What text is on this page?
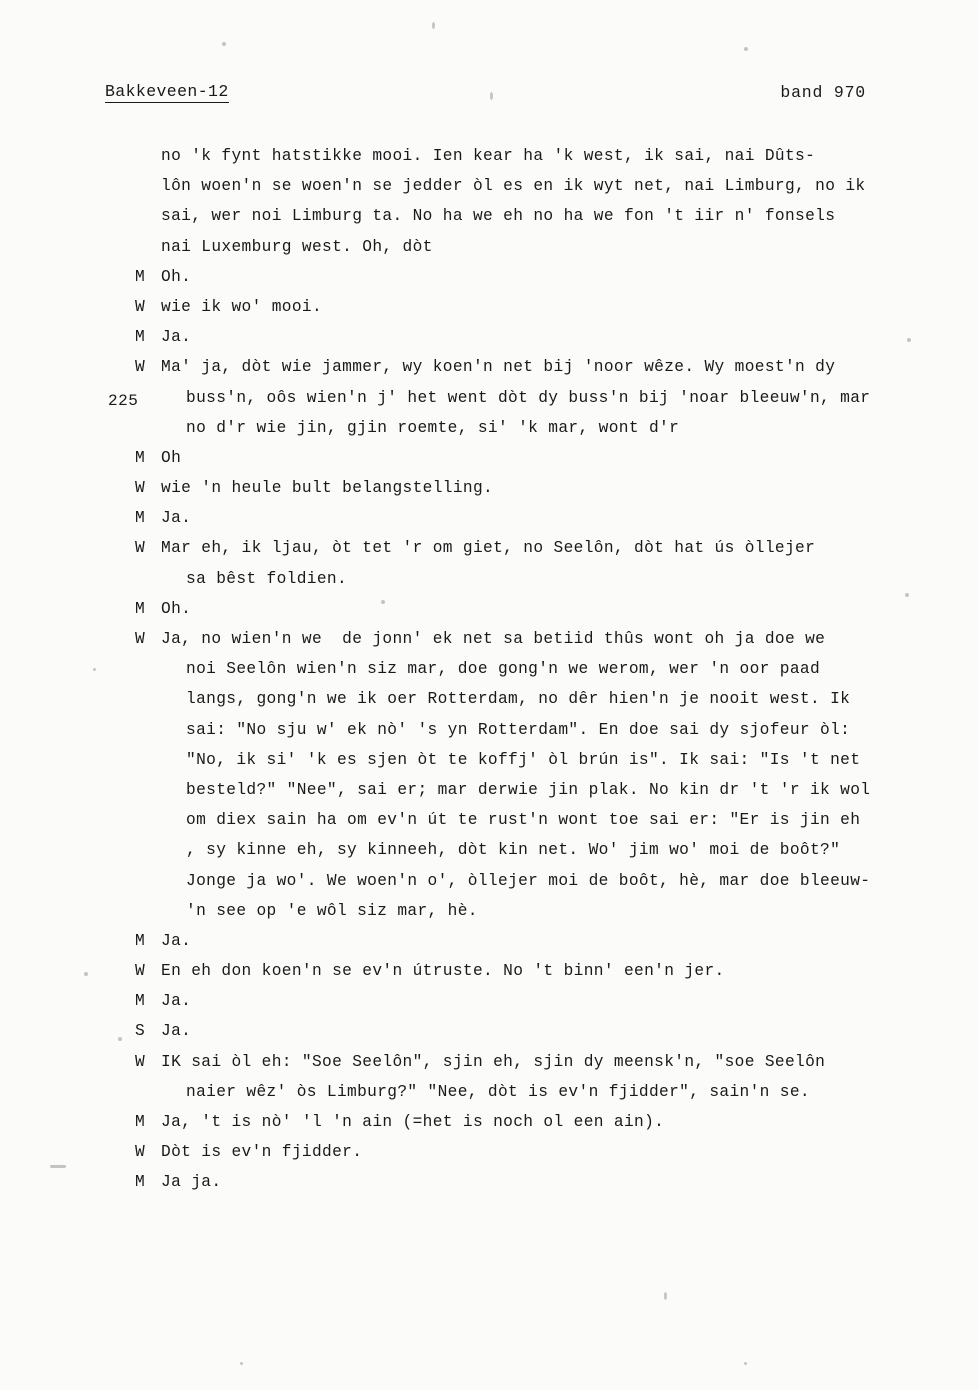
Bakkeveen-12	band 970
225
no 'k fynt hatstikke mooi. Ien kear ha 'k west, ik sai, nai Dûts-
lôn woen'n se woen'n se jedder òl es en ik wyt net, nai Limburg, no ik
sai, wer noi Limburg ta. No ha we eh no ha we fon 't iir n' fonsels
nai Luxemburg west. Oh, dòt
M Oh.
W wie ik wo' mooi.
M Ja.
W Ma' ja, dòt wie jammer, wy koen'n net bij 'noor wêze. Wy moest'n dy
buss'n, oôs wien'n j' het went dòt dy buss'n bij 'noar bleeuw'n, mar
no d'r wie jin, gjin roemte, si' 'k mar, wont d'r
M Oh
W wie 'n heule bult belangstelling.
M Ja.
W Mar eh, ik ljau, òt tet 'r om giet, no Seelôn, dòt hat ús òllejer
sa bêst foldien.
M Oh.
W Ja, no wien'n we  de jonn' ek net sa betiid thûs wont oh ja doe we
noi Seelôn wien'n siz mar, doe gong'n we werom, wer 'n oor paad
langs, gong'n we ik oer Rotterdam, no dêr hien'n je nooit west. Ik
sai: "No sju w' ek nò' 's yn Rotterdam". En doe sai dy sjofeur òl:
"No, ik si' 'k es sjen òt te koffj' òl brún is". Ik sai: "Is 't net
besteld?" "Nee", sai er; mar derwie jin plak. No kin dr 't 'r ik wol
om diex sain ha om ev'n út te rust'n wont toe sai er: "Er is jin eh
, sy kinne eh, sy kinneeh, dòt kin net. Wo' jim wo' moi de boôt?"
Jonge ja wo'. We woen'n o', òllejer moi de boôt, hè, mar doe bleeuw-
'n see op 'e wôl siz mar, hè.
M Ja.
W En eh don koen'n se ev'n útruste. No 't binn' een'n jer.
M Ja.
S Ja.
W IK sai òl eh: "Soe Seelôn", sjin eh, sjin dy meensk'n, "soe Seelôn
naier wêz' òs Limburg?" "Nee, dòt is ev'n fjidder", sain'n se.
M Ja, 't is nò' 'l 'n ain (=het is noch ol een ain).
W Dòt is ev'n fjidder.
M Ja ja.
